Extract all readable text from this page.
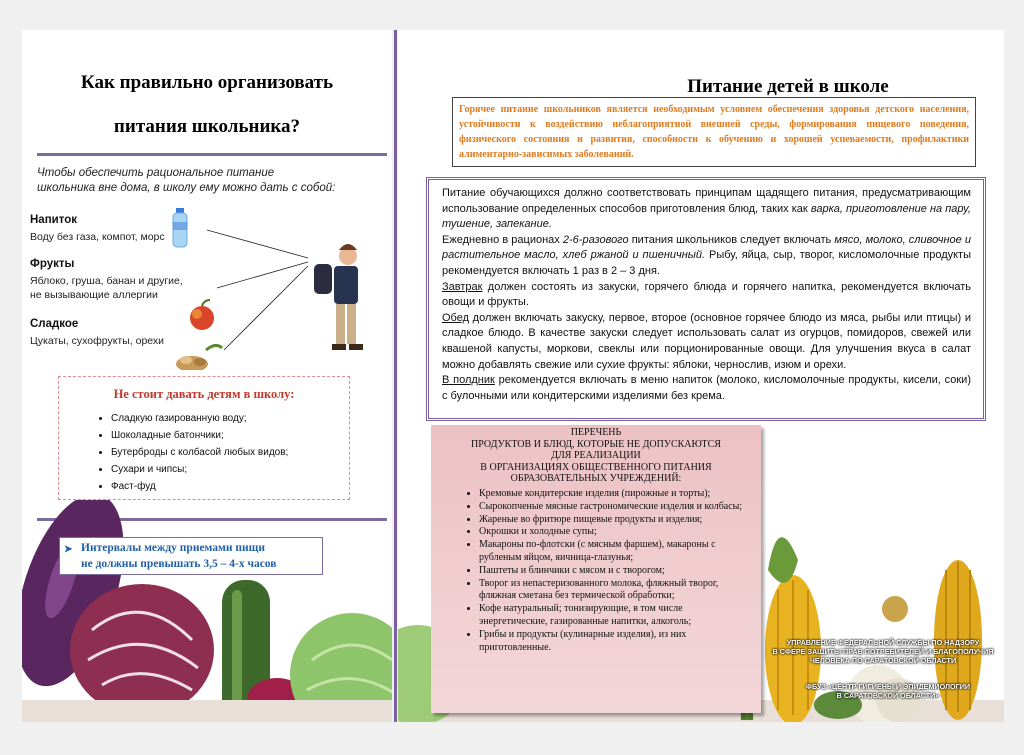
Как правильно организовать
питания школьника?
Чтобы обеспечить рациональное питание
школьника вне дома, в школу ему можно дать с собой:
Напиток
Воду без газа, компот, морс
Фрукты
Яблоко, груша, банан и другие,
не вызывающие аллергии
Сладкое
Цукаты, сухофрукты, орехи
Не стоит давать детям в школу:
• Сладкую газированную воду;
• Шоколадные батончики;
• Бутерброды с колбасой любых видов;
• Сухари и чипсы;
• Фаст-фуд
➤ Интервалы между приемами пищи
не должны превышать 3,5 – 4-х часов
Питание детей в школе
Горячее питание школьников является необходимым условием обеспечения здоровья детского населения, устойчивости к воздействию неблагоприятной внешней среды, формирования пищевого поведения, физического состояния и развития, способности к обучению и хорошей успеваемости, профилактики алиментарно-зависимых заболеваний.

Питание обучающихся должно соответствовать принципам щадящего питания, предусматривающим использование определенных способов приготовления блюд, таких как варка, приготовление на пару, тушение, запекание.

Ежедневно в рационах 2-6-разового питания школьников следует включать мясо, молоко, сливочное и растительное масло, хлеб ржаной и пшеничный. Рыбу, яйца, сыр, творог, кисломолочные продукты рекомендуется включать 1 раз в 2 – 3 дня.

Завтрак должен состоять из закуски, горячего блюда и горячего напитка, рекомендуется включать овощи и фрукты.

Обед должен включать закуску, первое, второе (основное горячее блюдо из мяса, рыбы или птицы) и сладкое блюдо. В качестве закуски следует использовать салат из огурцов, помидоров, свежей или квашеной капусты, моркови, свеклы или порционированные овощи. Для улучшения вкуса в салат можно добавлять свежие или сухие фрукты: яблоки, чернослив, изюм и орехи.

В полдник рекомендуется включать в меню напиток (молоко, кисломолочные продукты, кисели, соки) с булочными или кондитерскими изделиями без крема.

ПЕРЕЧЕНЬ
ПРОДУКТОВ И БЛЮД, КОТОРЫЕ НЕ ДОПУСКАЮТСЯ
ДЛЯ РЕАЛИЗАЦИИ
В ОРГАНИЗАЦИЯХ ОБЩЕСТВЕННОГО ПИТАНИЯ
ОБРАЗОВАТЕЛЬНЫХ УЧРЕЖДЕНИЙ:
• Кремовые кондитерские изделия (пирожные и торты);
• Сырокопченые мясные гастрономические изделия и колбасы;
• Жареные во фритюре пищевые продукты и изделия;
• Окрошки и холодные супы;
• Макароны по-флотски (с мясным фаршем), макароны с рубленым яйцом, яичница-глазунья;
• Паштеты и блинчики с мясом и с творогом;
• Творог из непастеризованного молока, фляжный творог, фляжная сметана без термической обработки;
• Кофе натуральный; тонизирующие, в том числе энергетические, газированные напитки, алкоголь;
• Грибы и продукты (кулинарные изделия), из них приготовленные.	УПРАВЛЕНИЕ ФЕДЕРАЛЬНОЙ СЛУЖБЫ ПО НАДЗОРУ
В СФЕРЕ ЗАЩИТЫ ПРАВ ПОТРЕБИТЕЛЕЙ И БЛАГОПОЛУЧИЯ
ЧЕЛОВЕКА ПО САРАТОВСКОЙ ОБЛАСТИ
ФБУЗ «ЦЕНТР ГИГИЕНЫ И ЭПИДЕМИОЛОГИИ
В САРАТОВСКОЙ ОБЛАСТИ»
